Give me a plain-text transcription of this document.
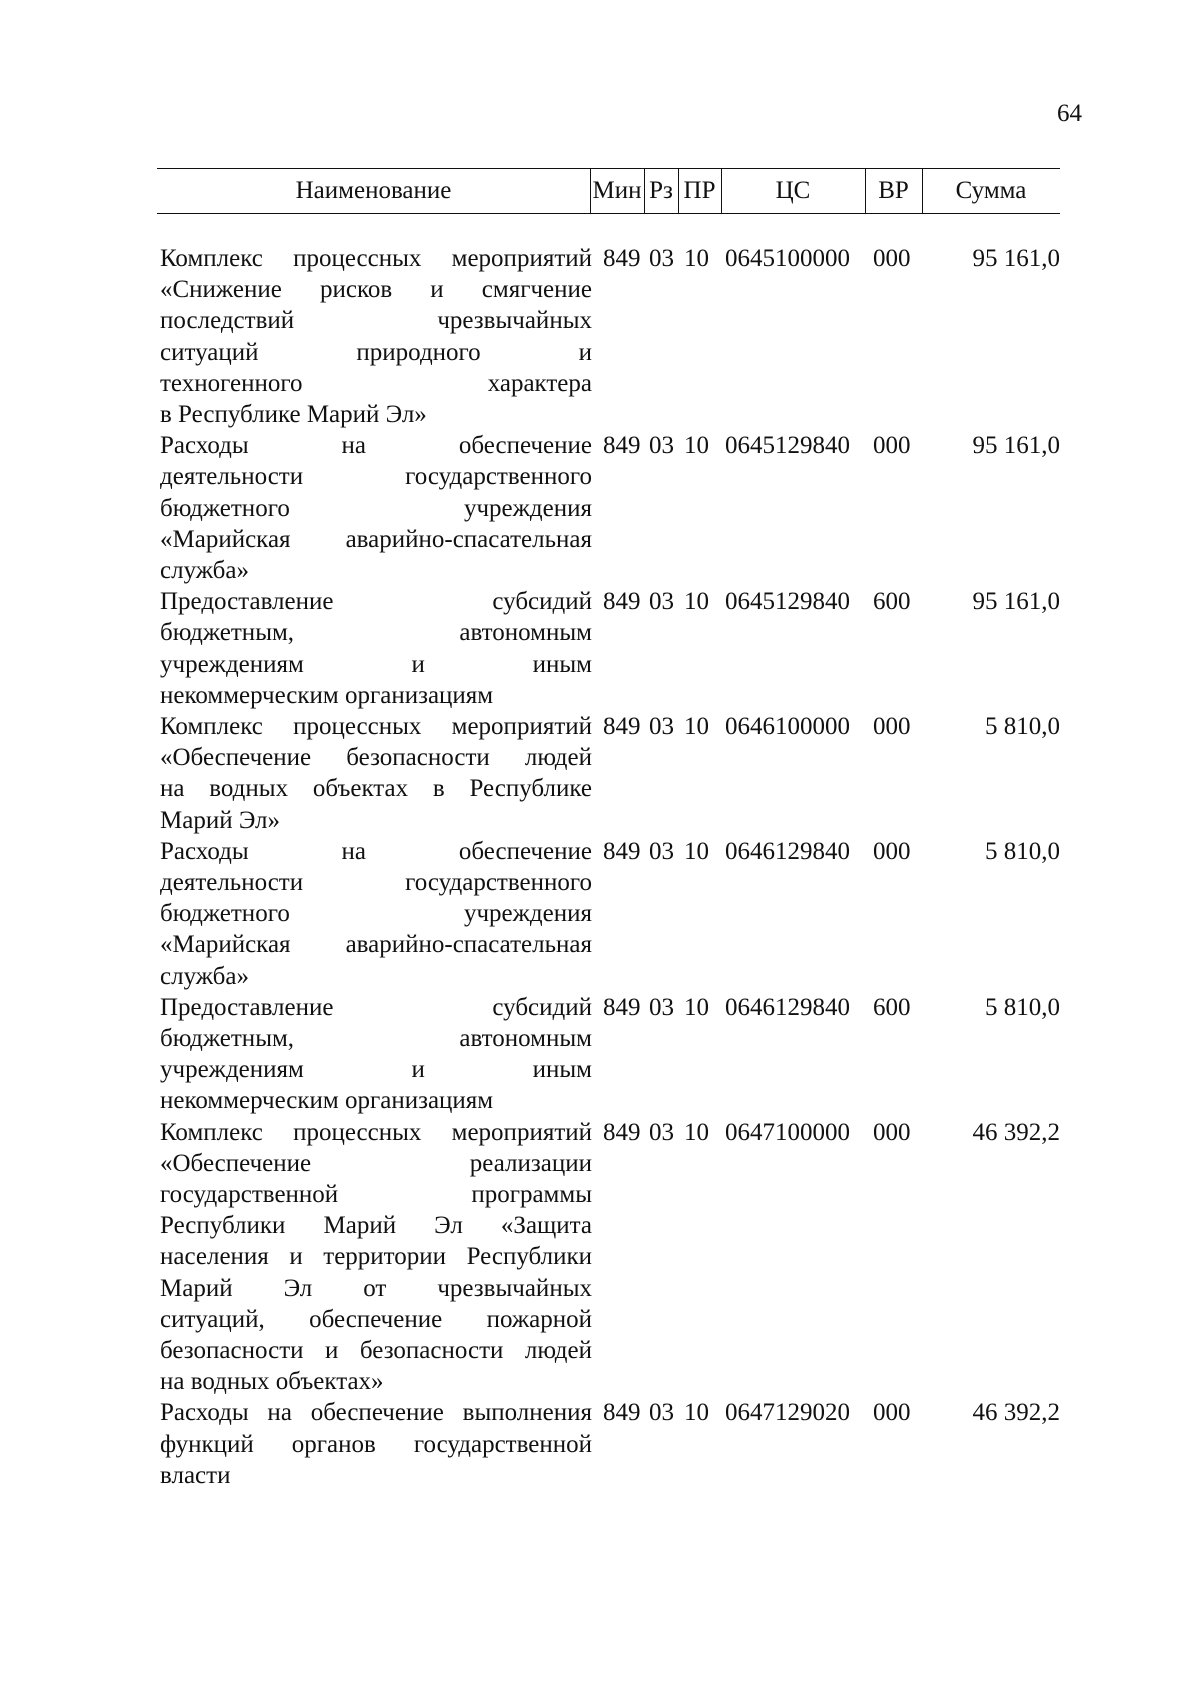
64
Наименование	Мин Рз ПР	ЦС	ВР	Сумма
Комплекс процессных мероприятий
«Снижение рисков и смягчение
последствий чрезвычайных
ситуаций природного и
техногенного характера
в Республике Марий Эл»
849 03 10 0645100000 000	95 161,0
Расходы на обеспечение
деятельности государственного
бюджетного учреждения
«Марийская аварийно-спасательная
служба»
849 03 10 0645129840 000	95 161,0
Предоставление субсидий
бюджетным, автономным
учреждениям и иным
некоммерческим организациям
849 03 10 0645129840 600	95 161,0
Комплекс процессных мероприятий
«Обеспечение безопасности людей
на водных объектах в Республике
Марий Эл»
849 03 10 0646100000 000	5 810,0
Расходы на обеспечение
деятельности государственного
бюджетного учреждения
«Марийская аварийно-спасательная
служба»
849 03 10 0646129840 000	5 810,0
Предоставление субсидий
бюджетным, автономным
учреждениям и иным
некоммерческим организациям
849 03 10 0646129840 600	5 810,0
Комплекс процессных мероприятий
«Обеспечение реализации
государственной программы
Республики Марий Эл «Защита
населения и территории Республики
Марий Эл от чрезвычайных
ситуаций, обеспечение пожарной
безопасности и безопасности людей
на водных объектах»
849 03 10 0647100000 000	46 392,2
Расходы на обеспечение выполнения
функций органов государственной
власти
849 03 10 0647129020 000	46 392,2
